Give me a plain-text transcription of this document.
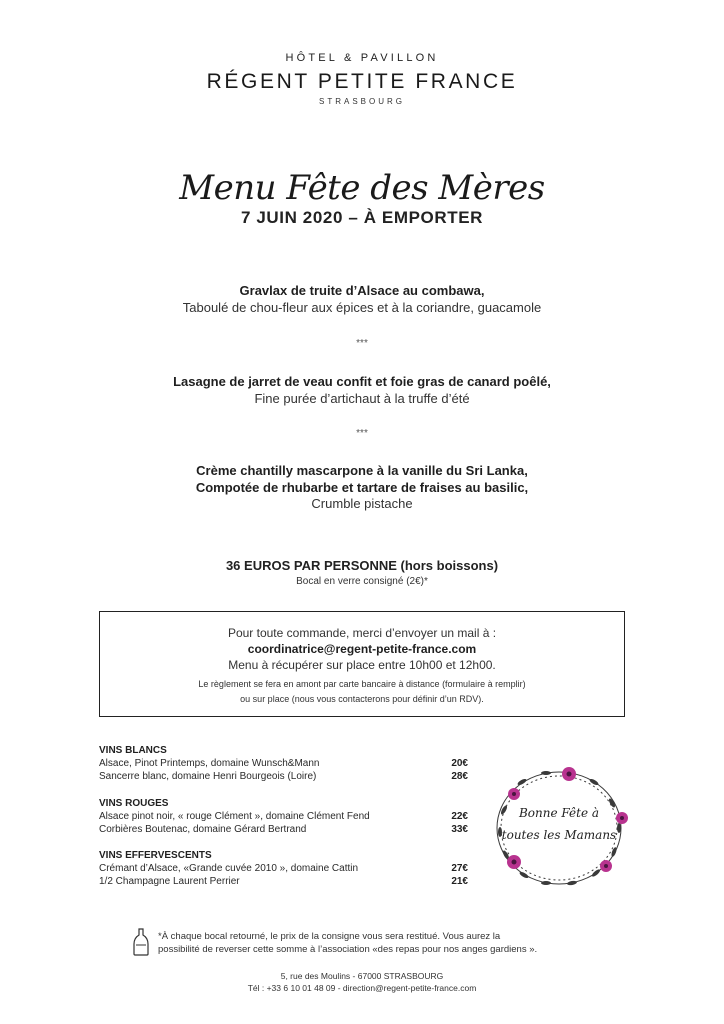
HÔTEL & PAVILLON
RÉGENT PETITE FRANCE
STRASBOURG
Menu Fête des Mères
7 JUIN 2020 – À EMPORTER
Gravlax de truite d’Alsace au combawa,
Taboulé de chou-fleur aux épices et à la coriandre, guacamole
***
Lasagne de jarret de veau confit et foie gras de canard poêlé,
Fine purée d’artichaut à la truffe d’été
***
Crème chantilly mascarpone à la vanille du Sri Lanka,
Compotée de rhubarbe et tartare de fraises au basilic,
Crumble pistache
36 EUROS PAR PERSONNE (hors boissons)
Bocal en verre consigné (2€)*
Pour toute commande, merci d’envoyer un mail à :
coordinatrice@regent-petite-france.com
Menu à récupérer sur place entre 10h00 et 12h00.
Le règlement se fera en amont par carte bancaire à distance (formulaire à remplir)
ou sur place (nous vous contacterons pour définir d’un RDV).
VINS BLANCS
Alsace, Pinot Printemps, domaine Wunsch&Mann	20€
Sancerre blanc, domaine Henri Bourgeois (Loire)	28€
VINS ROUGES
Alsace pinot noir, « rouge Clément », domaine Clément Fend	22€
Corbières Boutenac, domaine Gérard Bertrand	33€
VINS EFFERVESCENTS
Crémant d’Alsace, «Grande cuvée 2010 », domaine Cattin	27€
1/2 Champagne Laurent Perrier	21€
Bonne Fête à
toutes les Mamans
*À chaque bocal retourné, le prix de la consigne vous sera restitué. Vous aurez la
possibilité de reverser cette somme à l’association «des repas pour nos anges gardiens ».
5, rue des Moulins - 67000 STRASBOURG
Tél : +33 6 10 01 48 09 - direction@regent-petite-france.com
